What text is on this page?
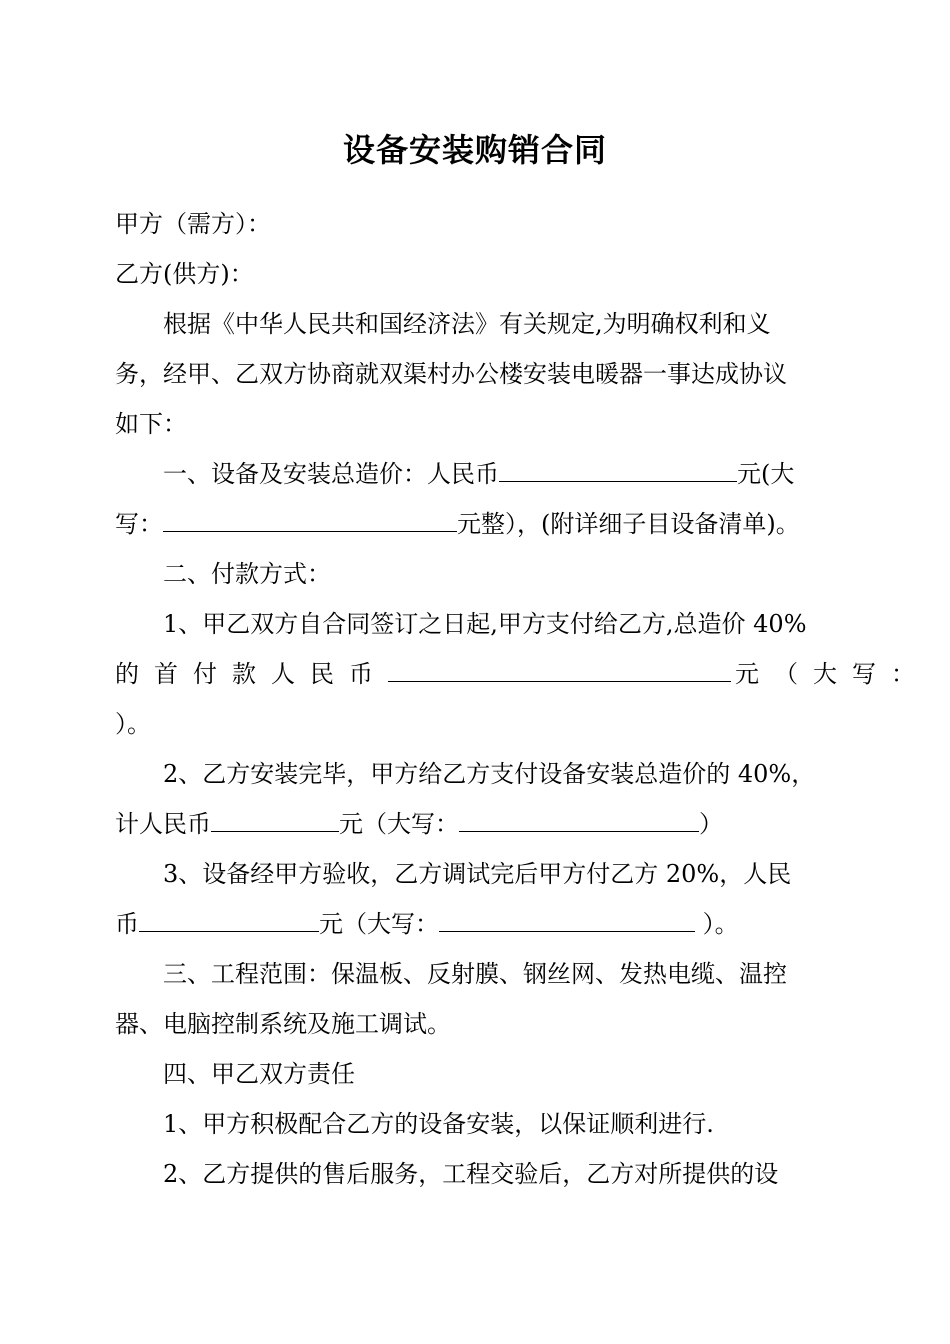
设备安装购销合同
甲方（需方）：
乙方(供方)：
根据《中华人民共和国经济法》有关规定,为明确权利和义
务，经甲、乙双方协商就双渠村办公楼安装电暖器一事达成协议
如下：
一、设备及安装总造价：人民币	元(大
写：	元整），(附详细子目设备清单)。
二、付款方式：
1、甲乙双方自合同签订之日起,甲方支付给乙方,总造价 40%
的首付款人民币	元（大写：
）。
2、乙方安装完毕，甲方给乙方支付设备安装总造价的 40%，
计人民币	元（大写：	）
3、设备经甲方验收，乙方调试完后甲方付乙方 20%，人民
币	元（大写：	）。
三、工程范围：保温板、反射膜、钢丝网、发热电缆、温控
器、电脑控制系统及施工调试。
四、甲乙双方责任
1、甲方积极配合乙方的设备安装，以保证顺利进行.
2、乙方提供的售后服务，工程交验后，乙方对所提供的设
